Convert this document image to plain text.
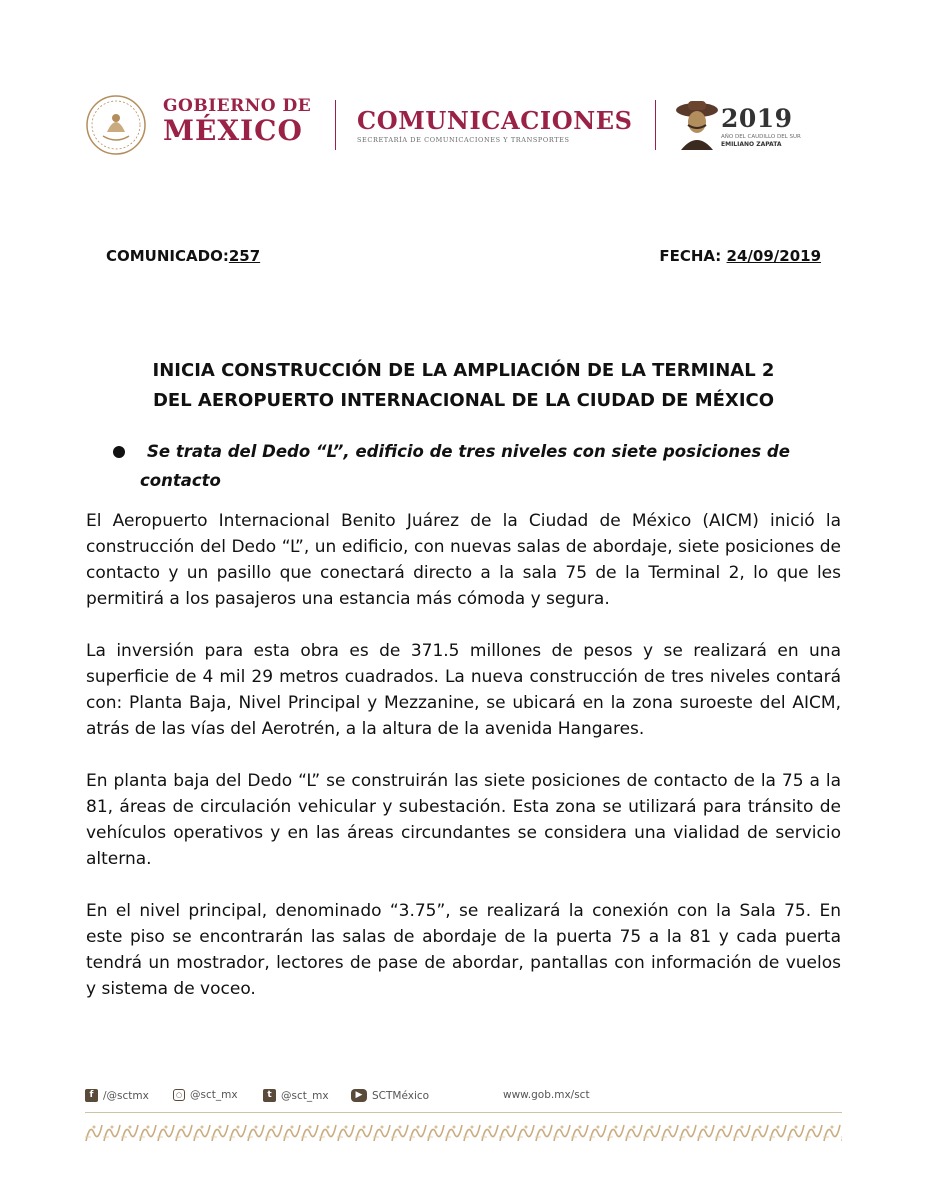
GOBIERNO DE
MÉXICO	COMUNICACIONES
SECRETARÍA DE COMUNICACIONES Y TRANSPORTES
2019
AÑO DEL CAUDILLO DEL SUR
EMILIANO ZAPATA
COMUNICADO:257	FECHA: 24/09/2019
INICIA CONSTRUCCIÓN DE LA AMPLIACIÓN DE LA TERMINAL 2
DEL AEROPUERTO INTERNACIONAL DE LA CIUDAD DE MÉXICO
Se trata del Dedo “L”, edificio de tres niveles con siete posiciones de contacto

El Aeropuerto Internacional Benito Juárez de la Ciudad de México (AICM) inició la construcción del Dedo “L”, un edificio, con nuevas salas de abordaje, siete posiciones de contacto y un pasillo que conectará directo a la sala 75 de la Terminal 2, lo que les permitirá a los pasajeros una estancia más cómoda y segura.

La inversión para esta obra es de 371.5 millones de pesos y se realizará en una superficie de 4 mil 29 metros cuadrados. La nueva construcción de tres niveles contará con: Planta Baja, Nivel Principal y Mezzanine, se ubicará en la zona suroeste del AICM, atrás de las vías del Aerotrén, a la altura de la avenida Hangares.

En planta baja del Dedo “L” se construirán las siete posiciones de contacto de la 75 a la 81, áreas de circulación vehicular y subestación. Esta zona se utilizará para tránsito de vehículos operativos y en las áreas circundantes se considera una vialidad de servicio alterna.

En el nivel principal, denominado “3.75”, se realizará la conexión con la Sala 75. En este piso se encontrarán las salas de abordaje de la puerta 75 a la 81 y cada puerta tendrá un mostrador, lectores de pase de abordar, pantallas con información de vuelos y sistema de voceo.

f /@sctmx	○ @sct_mx	t @sct_mx	▶ SCTMéxico	www.gob.mx/sct
